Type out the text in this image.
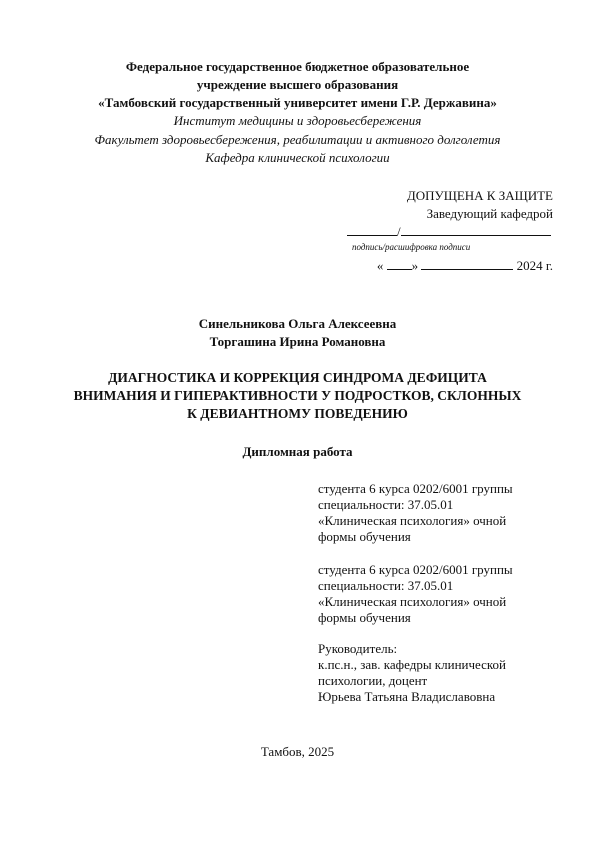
Федеральное государственное бюджетное образовательное
учреждение высшего образования
«Тамбовский государственный университет имени Г.Р. Державина»
Институт медицины и здоровьесбережения
Факультет здоровьесбережения, реабилитации и активного долголетия
Кафедра клинической психологии
ДОПУЩЕНА К ЗАЩИТЕ
Заведующий кафедрой
/
подпись/расшифровка подписи
« »	2024 г.
Синельникова Ольга Алексеевна
Торгашина Ирина Романовна
ДИАГНОСТИКА И КОРРЕКЦИЯ СИНДРОМА ДЕФИЦИТА
ВНИМАНИЯ И ГИПЕРАКТИВНОСТИ У ПОДРОСТКОВ, СКЛОННЫХ
К ДЕВИАНТНОМУ ПОВЕДЕНИЮ
Дипломная работа

студента 6 курса 0202/6001 группы

специальности: 37.05.01

«Клиническая психология» очной

формы обучения

студента 6 курса 0202/6001 группы

специальности: 37.05.01

«Клиническая психология» очной

формы обучения

Руководитель:

к.пс.н., зав. кафедры клинической

психологии, доцент

Юрьева Татьяна Владиславовна

Тамбов, 2025
